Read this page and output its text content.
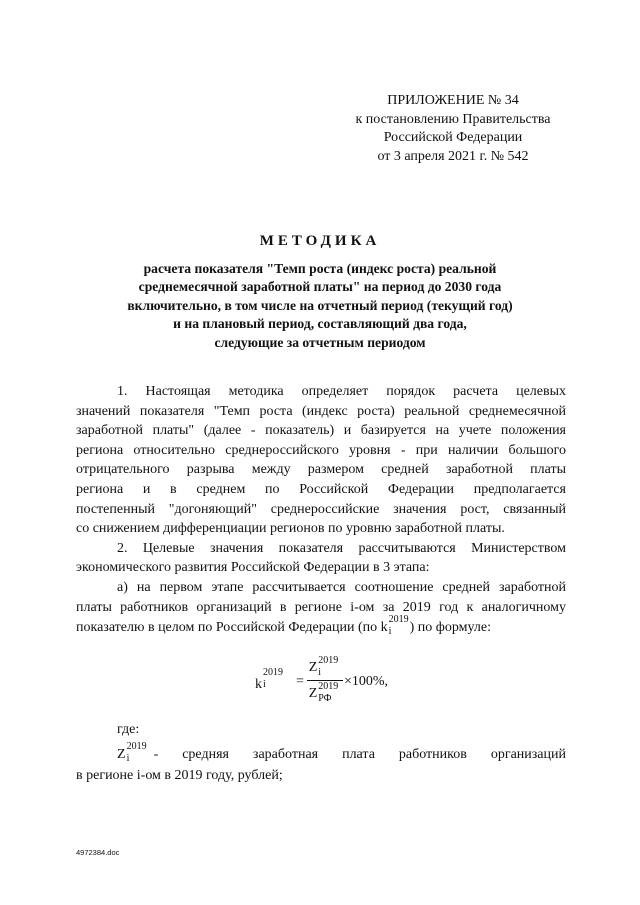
ПРИЛОЖЕНИЕ № 34
к постановлению Правительства
Российской Федерации
от 3 апреля 2021 г. № 542
МЕТОДИКА
расчета показателя "Темп роста (индекс роста) реальной
среднемесячной заработной платы" на период до 2030 года
включительно, в том числе на отчетный период (текущий год)
и на плановый период, составляющий два года,
следующие за отчетным периодом
1. Настоящая методика определяет порядок расчета целевых
значений показателя "Темп роста (индекс роста) реальной среднемесячной
заработной платы" (далее - показатель) и базируется на учете положения
региона относительно среднероссийского уровня - при наличии большого
отрицательного разрыва между размером средней заработной платы
региона и в среднем по Российской Федерации предполагается
постепенный "догоняющий" среднероссийские значения рост, связанный
со снижением дифференциации регионов по уровню заработной платы.
2. Целевые значения показателя рассчитываются Министерством
экономического развития Российской Федерации в 3 этапа:
а) на первом этапе рассчитывается соотношение средней заработной
платы работников организаций в регионе i-ом за 2019 год к аналогичному
показателю в целом по Российской Федерации (по k
2019
i ) по формуле:
k
2019
i =
Z 2019
i
Z 2019
РФ
×100%,
где:
Z
2019
i - средняя заработная плата работников организаций
в регионе i-ом в 2019 году, рублей;
4972384.doc
